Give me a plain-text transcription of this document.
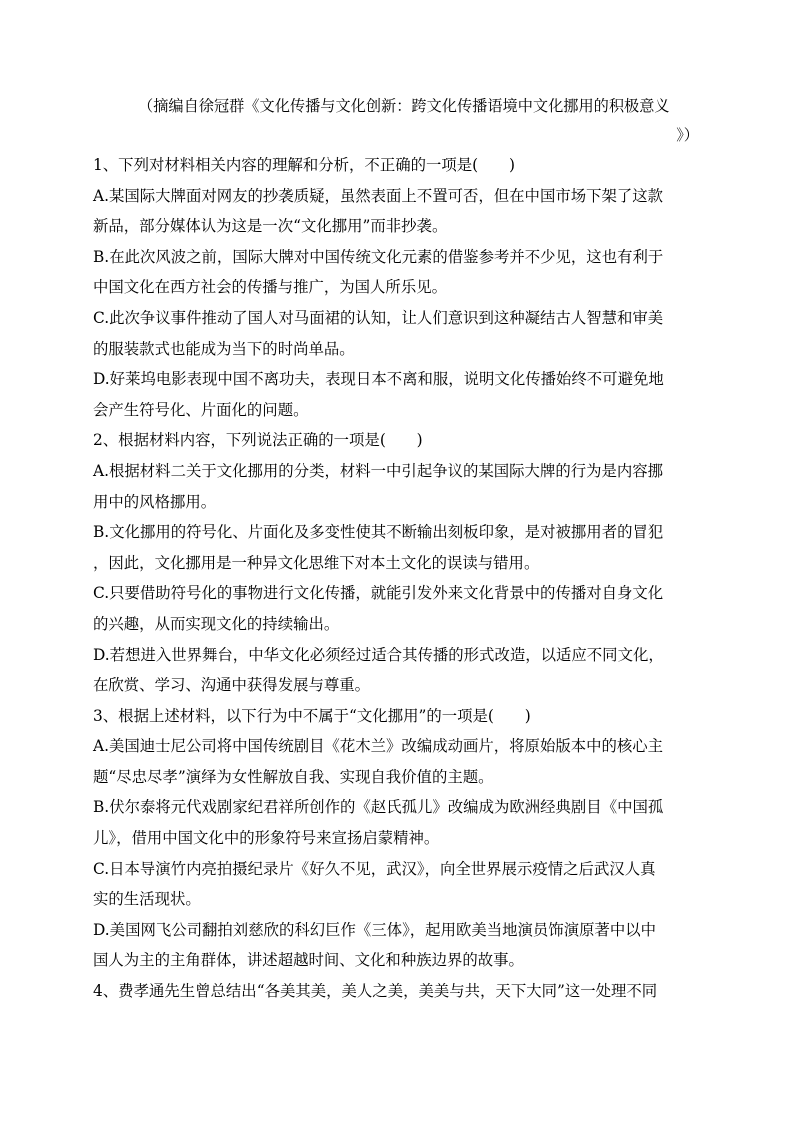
（摘编自徐冠群《文化传播与文化创新：跨文化传播语境中文化挪用的积极意义

》）

1、下列对材料相关内容的理解和分析，不正确的一项是(　　)

A.某国际大牌面对网友的抄袭质疑，虽然表面上不置可否，但在中国市场下架了这款

新品，部分媒体认为这是一次“文化挪用”而非抄袭。

B.在此次风波之前，国际大牌对中国传统文化元素的借鉴参考并不少见，这也有利于

中国文化在西方社会的传播与推广，为国人所乐见。

C.此次争议事件推动了国人对马面裙的认知，让人们意识到这种凝结古人智慧和审美

的服装款式也能成为当下的时尚单品。

D.好莱坞电影表现中国不离功夫，表现日本不离和服，说明文化传播始终不可避免地

会产生符号化、片面化的问题。

2、根据材料内容，下列说法正确的一项是(　　)

A.根据材料二关于文化挪用的分类，材料一中引起争议的某国际大牌的行为是内容挪

用中的风格挪用。

B.文化挪用的符号化、片面化及多变性使其不断输出刻板印象，是对被挪用者的冒犯

，因此，文化挪用是一种异文化思维下对本土文化的误读与错用。

C.只要借助符号化的事物进行文化传播，就能引发外来文化背景中的传播对自身文化

的兴趣，从而实现文化的持续输出。

D.若想进入世界舞台，中华文化必须经过适合其传播的形式改造，以适应不同文化，

在欣赏、学习、沟通中获得发展与尊重。

3、根据上述材料，以下行为中不属于“文化挪用”的一项是(　　)

A.美国迪士尼公司将中国传统剧目《花木兰》改编成动画片，将原始版本中的核心主

题“尽忠尽孝”演绎为女性解放自我、实现自我价值的主题。

B.伏尔泰将元代戏剧家纪君祥所创作的《赵氏孤儿》改编成为欧洲经典剧目《中国孤

儿》，借用中国文化中的形象符号来宣扬启蒙精神。

C.日本导演竹内亮拍摄纪录片《好久不见，武汉》，向全世界展示疫情之后武汉人真

实的生活现状。

D.美国网飞公司翻拍刘慈欣的科幻巨作《三体》，起用欧美当地演员饰演原著中以中

国人为主的主角群体，讲述超越时间、文化和种族边界的故事。

4、费孝通先生曾总结出“各美其美，美人之美，美美与共，天下大同”这一处理不同
